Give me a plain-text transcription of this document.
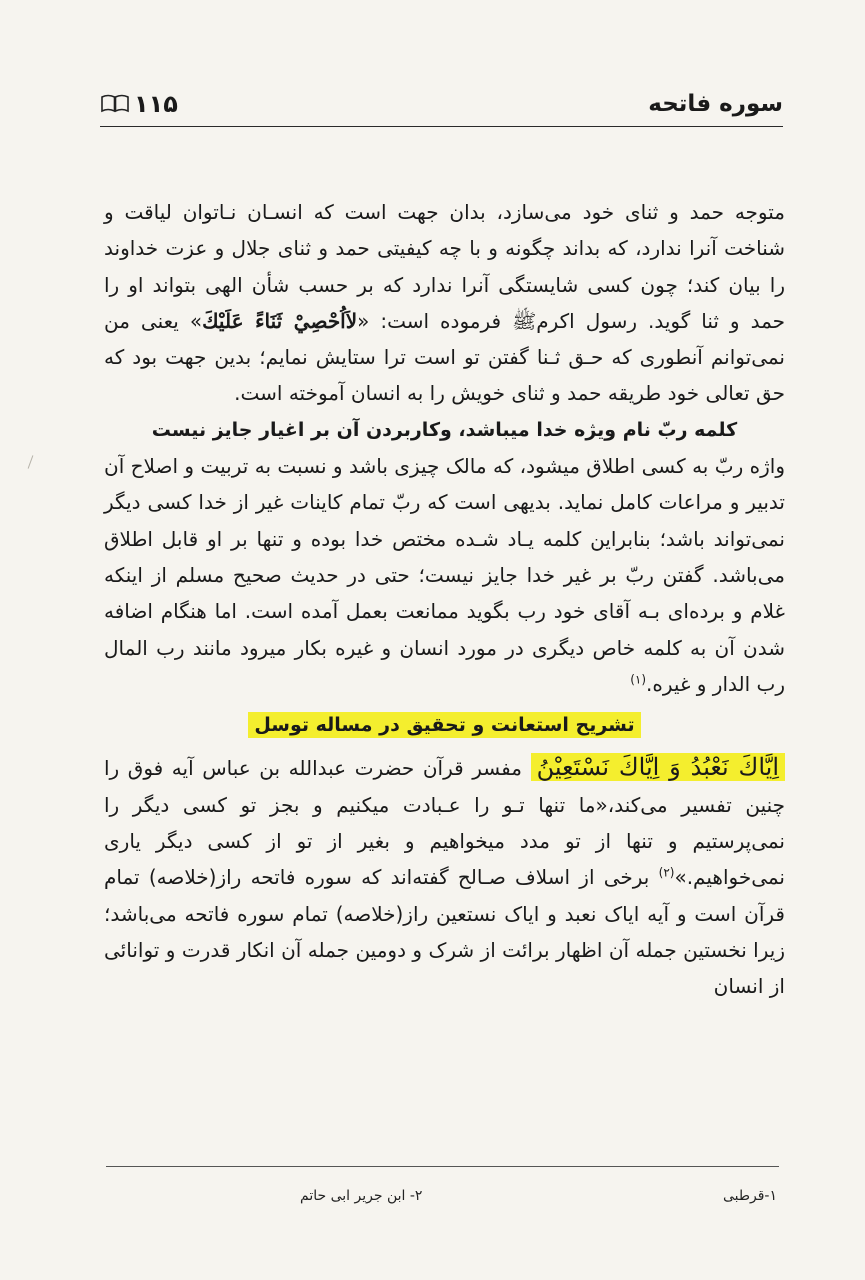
۱۱۵	سوره فاتحه

متوجه حمد و ثنای خود می‌سازد، بدان جهت است که انسـان نـاتوان لیاقت و شناخت آنرا ندارد، که بداند چگونه و با چه کیفیتی حمد و ثنای جلال و عزت خداوند را بیان کند؛ چون کسی شایستگی آنرا ندارد که بر حسب شأن الهی بتواند او را حمد و ثنا گوید. رسول اکرمﷺ فرموده است: «لاَاُحْصِيْ ثَنَاءً عَلَيْكَ» یعنی من نمی‌توانم آنطوری که حـق ثـنا گفتن تو است ترا ستایش نمایم؛ بدین جهت بود که حق تعالی خود طریقه حمد و ثنای خویش را به انسان آموخته است.

کلمه ربّ نام ویژه خدا میباشد، وکاربردن آن بر اغیار جایز نیست

واژه ربّ به کسی اطلاق میشود، که مالک چیزی باشد و نسبت به تربیت و اصلاح آن تدبیر و مراعات کامل نماید. بدیهی است که ربّ تمام کاینات غیر از خدا کسی دیگر نمی‌تواند باشد؛ بنابراین کلمه یـاد شـده مختص خدا بوده و تنها بر او قابل اطلاق می‌باشد. گفتن ربّ بر غیر خدا جایز نیست؛ حتی در حدیث صحیح مسلم از اینکه غلام و برده‌ای بـه آقای خود رب بگوید ممانعت بعمل آمده است. اما هنگام اضافه شدن آن به کلمه خاص دیگری در مورد انسان و غیره بکار میرود مانند رب المال رب الدار و غیره.$^{(۱)}$

تشریح استعانت و تحقیق در مساله توسل

اِيَّاكَ نَعْبُدُ وَ اِيَّاكَ نَسْتَعِيْنُ مفسر قرآن حضرت عبدالله بن عباس آیه فوق را چنین تفسیر می‌کند،«ما تنها تـو را عـبادت میکنیم و بجز تو کسی دیگر را نمی‌پرستیم و تنها از تو مدد میخواهیم و بغیر از تو از کسی دیگر یاری نمی‌خواهیم.»$^{(۲)}$ برخی از اسلاف صـالح گفته‌اند که سوره فاتحه راز(خلاصه) تمام قرآن است و آیه ایاک نعبد و ایاک نستعین راز(خلاصه) تمام سوره فاتحه می‌باشد؛ زیرا نخستین جمله آن اظهار برائت از شرک و دومین جمله آن انکار قدرت و توانائی از انسان

۱-قرطبی
۲- ابن جریر ابی حاتم
